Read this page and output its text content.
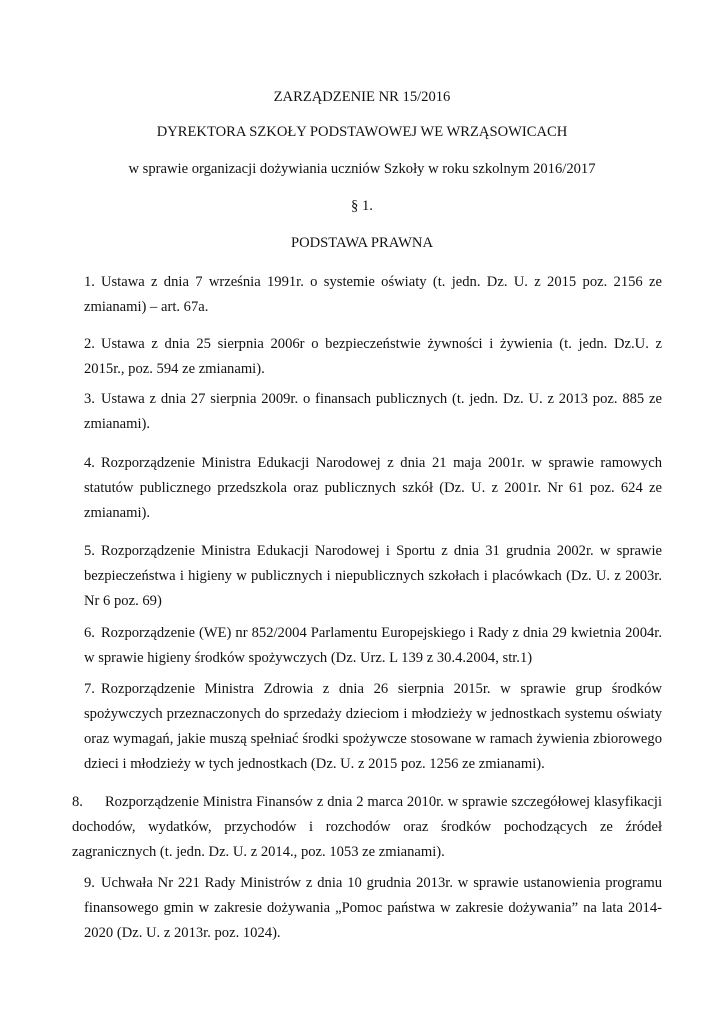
ZARZĄDZENIE NR 15/2016
DYREKTORA SZKOŁY PODSTAWOWEJ WE WRZĄSOWICACH
w sprawie organizacji dożywiania uczniów Szkoły w roku szkolnym 2016/2017
§ 1.
PODSTAWA PRAWNA
1. Ustawa z dnia 7 września 1991r. o systemie oświaty (t. jedn. Dz. U. z 2015 poz. 2156 ze zmianami) – art. 67a.
2. Ustawa z dnia 25 sierpnia 2006r o bezpieczeństwie żywności i żywienia (t. jedn. Dz.U. z 2015r., poz. 594 ze zmianami).
3. Ustawa z dnia 27 sierpnia 2009r. o finansach publicznych (t. jedn. Dz. U. z 2013 poz. 885 ze zmianami).
4. Rozporządzenie Ministra Edukacji Narodowej z dnia 21 maja 2001r. w sprawie ramowych statutów publicznego przedszkola oraz publicznych szkół (Dz. U. z 2001r. Nr 61 poz. 624 ze zmianami).
5. Rozporządzenie Ministra Edukacji Narodowej i Sportu z dnia 31 grudnia 2002r. w sprawie bezpieczeństwa i higieny w publicznych i niepublicznych szkołach i placówkach (Dz. U. z 2003r. Nr 6 poz. 69)
6. Rozporządzenie (WE) nr 852/2004 Parlamentu Europejskiego i Rady z dnia 29 kwietnia 2004r. w sprawie higieny środków spożywczych (Dz. Urz. L 139 z 30.4.2004, str.1)
7. Rozporządzenie Ministra Zdrowia z dnia 26 sierpnia 2015r. w sprawie grup środków spożywczych przeznaczonych do sprzedaży dzieciom i młodzieży w jednostkach systemu oświaty oraz wymagań, jakie muszą spełniać środki spożywcze stosowane w ramach żywienia zbiorowego dzieci i młodzieży w tych jednostkach (Dz. U. z 2015 poz. 1256 ze zmianami).
8. Rozporządzenie Ministra Finansów z dnia 2 marca 2010r. w sprawie szczegółowej klasyfikacji dochodów, wydatków, przychodów i rozchodów oraz środków pochodzących ze źródeł zagranicznych (t. jedn. Dz. U. z 2014., poz. 1053 ze zmianami).
9. Uchwała Nr 221 Rady Ministrów z dnia 10 grudnia 2013r. w sprawie ustanowienia programu finansowego gmin w zakresie dożywania „Pomoc państwa w zakresie dożywania” na lata 2014-2020 (Dz. U. z 2013r. poz. 1024).
